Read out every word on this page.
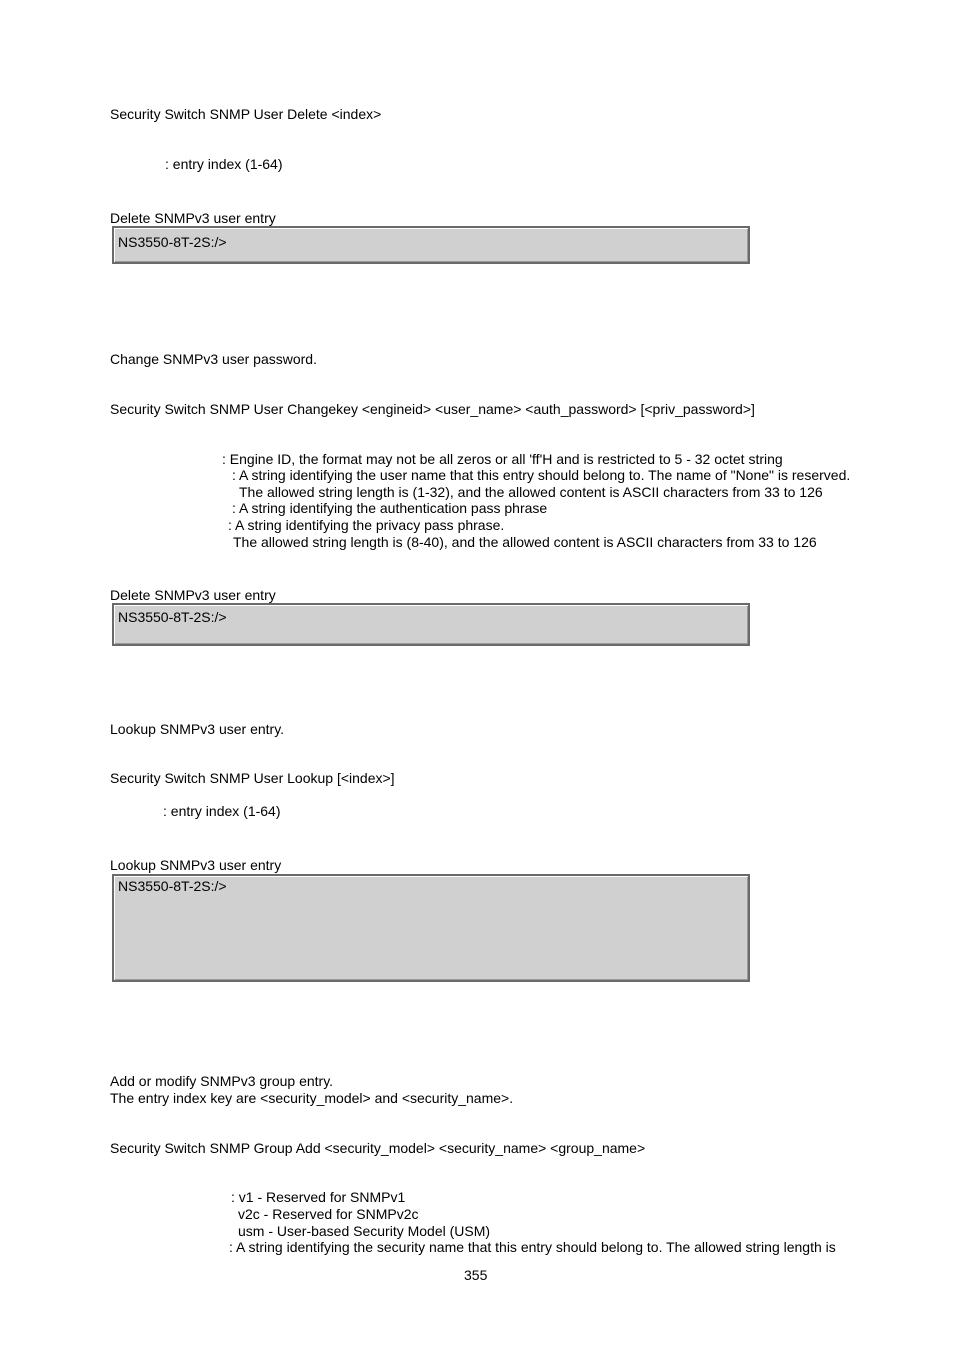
Security Switch SNMP User Delete <index>
: entry index (1-64)
Delete SNMPv3 user entry
NS3550-8T-2S:/>
Change SNMPv3 user password.
Security Switch SNMP User Changekey <engineid> <user_name> <auth_password> [<priv_password>]
: Engine ID, the format may not be all zeros or all 'ff'H and is restricted to 5 - 32 octet string
: A string identifying the user name that this entry should belong to. The name of "None" is reserved.
The allowed string length is (1-32), and the allowed content is ASCII characters from 33 to 126
: A string identifying the authentication pass phrase
: A string identifying the privacy pass phrase.
The allowed string length is (8-40), and the allowed content is ASCII characters from 33 to 126
Delete SNMPv3 user entry
NS3550-8T-2S:/>
Lookup SNMPv3 user entry.
Security Switch SNMP User Lookup [<index>]
: entry index (1-64)
Lookup SNMPv3 user entry
NS3550-8T-2S:/>
Add or modify SNMPv3 group entry.
The entry index key are <security_model> and <security_name>.
Security Switch SNMP Group Add <security_model> <security_name> <group_name>
: v1 - Reserved for SNMPv1
v2c - Reserved for SNMPv2c
usm - User-based Security Model (USM)
: A string identifying the security name that this entry should belong to. The allowed string length is
355
